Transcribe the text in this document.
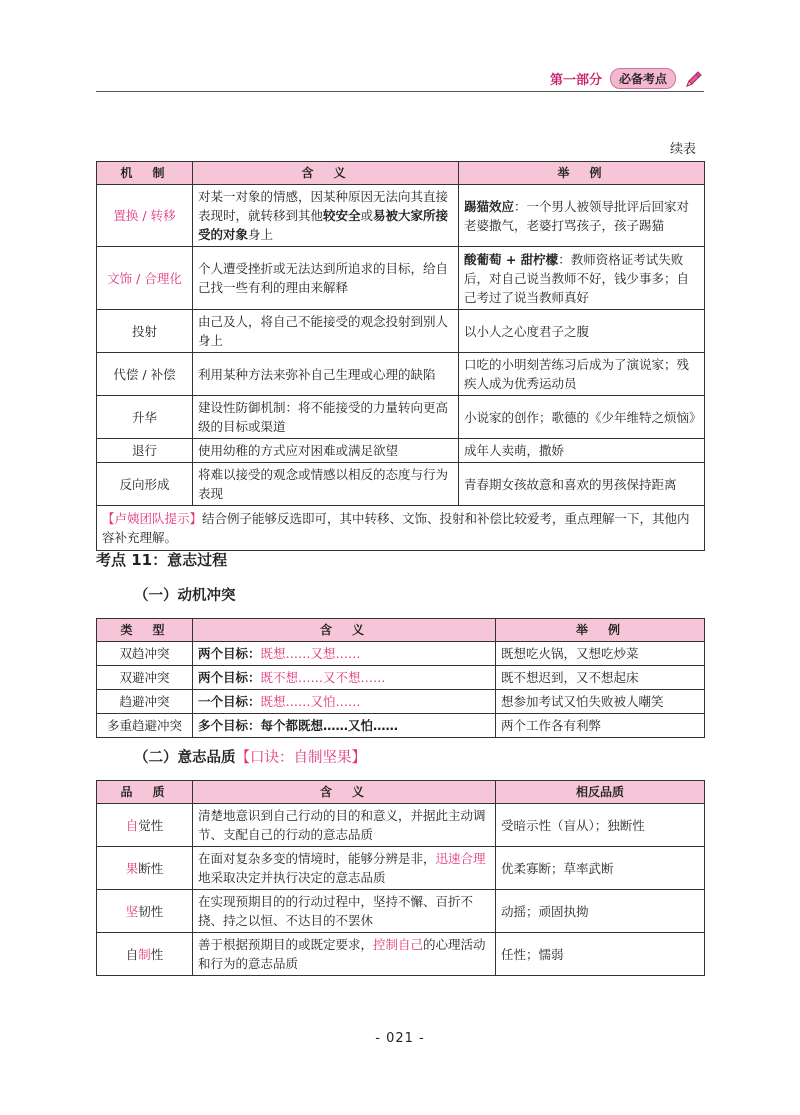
第一部分	必备考点
续表
机　制	含　义	举　例
置换 / 转移	对某一对象的情感，因某种原因无法向其直接表现时，就转移到其他较安全或易被大家所接受的对象身上	踢猫效应：一个男人被领导批评后回家对老婆撒气，老婆打骂孩子，孩子踢猫
文饰 / 合理化	个人遭受挫折或无法达到所追求的目标，给自己找一些有利的理由来解释	酸葡萄 + 甜柠檬：教师资格证考试失败后，对自己说当教师不好，钱少事多；自己考过了说当教师真好
投射	由己及人，将自己不能接受的观念投射到别人身上	以小人之心度君子之腹
代偿 / 补偿	利用某种方法来弥补自己生理或心理的缺陷	口吃的小明刻苦练习后成为了演说家；残疾人成为优秀运动员
升华	建设性防御机制：将不能接受的力量转向更高级的目标或渠道	小说家的创作；歌德的《少年维特之烦恼》
退行	使用幼稚的方式应对困难或满足欲望	成年人卖萌，撒娇
反向形成	将难以接受的观念或情感以相反的态度与行为表现	青春期女孩故意和喜欢的男孩保持距离
【卢姨团队提示】结合例子能够反选即可，其中转移、文饰、投射和补偿比较爱考，重点理解一下，其他内容补充理解。		
考点 11：意志过程
（一）动机冲突
类　型	含　义	举　例
双趋冲突	两个目标：既想……又想……	既想吃火锅，又想吃炒菜
双避冲突	两个目标：既不想……又不想……	既不想迟到，又不想起床
趋避冲突	一个目标：既想……又怕……	想参加考试又怕失败被人嘲笑
多重趋避冲突	多个目标：每个都既想……又怕……	两个工作各有利弊
（二）意志品质【口诀：自制坚果】
品　质	含　义	相反品质
自觉性	清楚地意识到自己行动的目的和意义，并据此主动调节、支配自己的行动的意志品质	受暗示性（盲从）；独断性
果断性	在面对复杂多变的情境时，能够分辨是非，迅速合理地采取决定并执行决定的意志品质	优柔寡断；草率武断
坚韧性	在实现预期目的的行动过程中，坚持不懈、百折不挠、持之以恒、不达目的不罢休	动摇；顽固执拗
自制性	善于根据预期目的或既定要求，控制自己的心理活动和行为的意志品质	任性；懦弱
- 021 -
